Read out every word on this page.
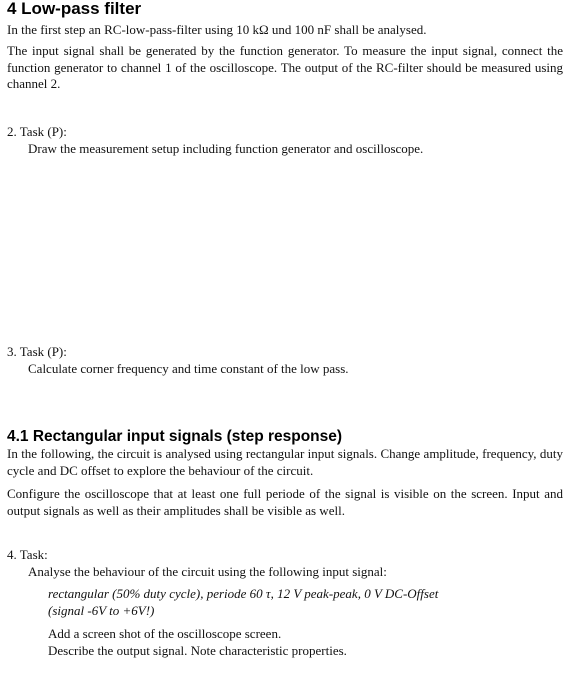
4 Low-pass filter

In the first step an RC-low-pass-filter using 10 kΩ und 100 nF shall be analysed.

The input signal shall be generated by the function generator. To measure the input signal, connect the function generator to channel 1 of the oscilloscope. The output of the RC-filter should be measured using channel 2.

2. Task (P):

Draw the measurement setup including function generator and oscilloscope.

3. Task (P):

Calculate corner frequency and time constant of the low pass.

4.1 Rectangular input signals (step response)

In the following, the circuit is analysed using rectangular input signals. Change amplitude, frequency, duty cycle and DC offset to explore the behaviour of the circuit.

Configure the oscilloscope that at least one full periode of the signal is visible on the screen. Input and output signals as well as their amplitudes shall be visible as well.

4. Task:

Analyse the behaviour of the circuit using the following input signal:

rectangular (50% duty cycle), periode 60 τ, 12 V peak-peak, 0 V DC-Offset
(signal -6V to +6V!)
Add a screen shot of the oscilloscope screen.
Describe the output signal. Note characteristic properties.
